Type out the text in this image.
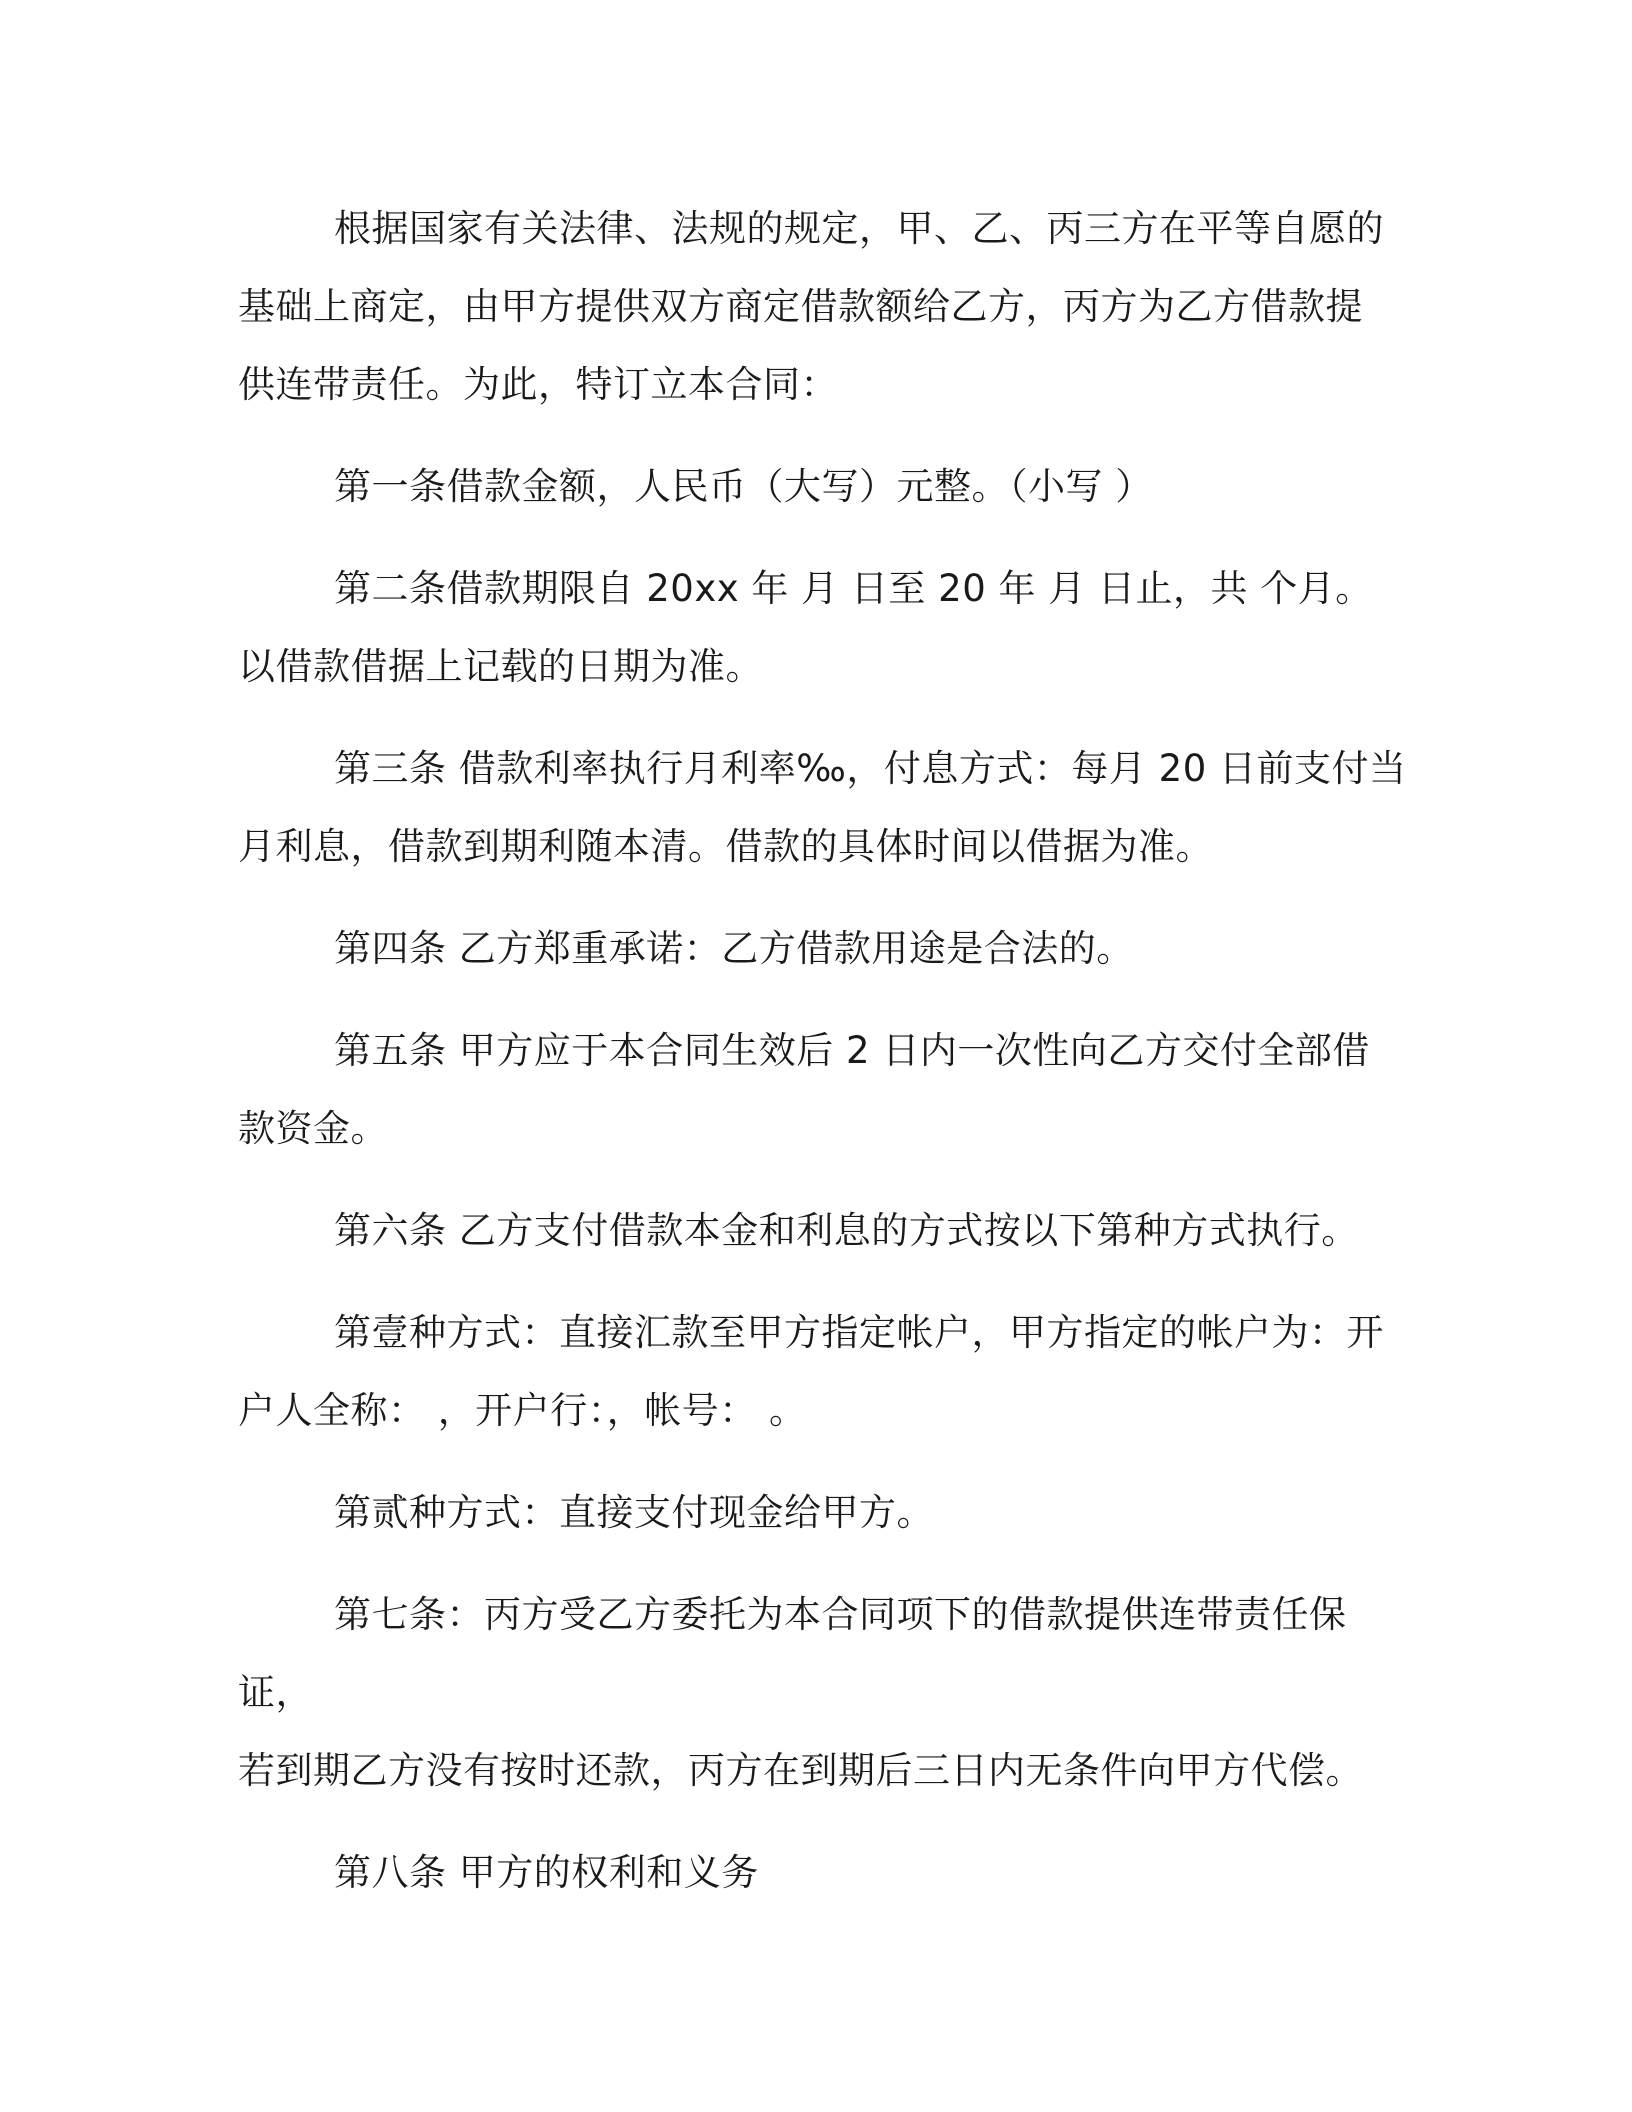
根据国家有关法律、法规的规定，甲、乙、丙三方在平等自愿的
基础上商定，由甲方提供双方商定借款额给乙方，丙方为乙方借款提
供连带责任。为此，特订立本合同：

第一条借款金额，人民币（大写）元整。（小写 ）

第二条借款期限自 20xx 年 月 日至 20 年 月 日止，共 个月。
以借款借据上记载的日期为准。

第三条 借款利率执行月利率‰，付息方式：每月 20 日前支付当
月利息，借款到期利随本清。借款的具体时间以借据为准。

第四条 乙方郑重承诺：乙方借款用途是合法的。

第五条 甲方应于本合同生效后 2 日内一次性向乙方交付全部借
款资金。

第六条 乙方支付借款本金和利息的方式按以下第种方式执行。

第壹种方式：直接汇款至甲方指定帐户，甲方指定的帐户为：开
户人全称： ，开户行：，帐号： 。

第贰种方式：直接支付现金给甲方。

第七条：丙方受乙方委托为本合同项下的借款提供连带责任保证，
若到期乙方没有按时还款，丙方在到期后三日内无条件向甲方代偿。

第八条 甲方的权利和义务
